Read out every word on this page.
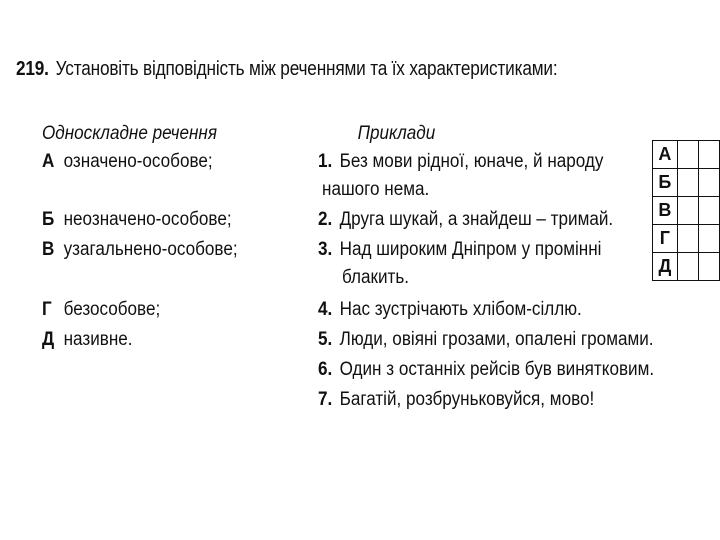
219. Установіть відповідність між реченнями та їх характеристиками:
Односкладне речення
А означено-особове;
Б неозначено-особове;
В узагальнено-особове;
Г безособове;
Д називне.
Приклади
1. Без мови рідної, юначе, й народу
нашого нема.
2. Друга шукай, а знайдеш – тримай.
3. Над широким Дніпром у промінні
блакить.
4. Нас зустрічають хлібом-сіллю.
5. Люди, овіяні грозами, опалені громами.
6. Один з останніх рейсів був винятковим.
7. Багатій, розбруньковуйся, мово!
А		
Б		
В		
Г		
Д		
